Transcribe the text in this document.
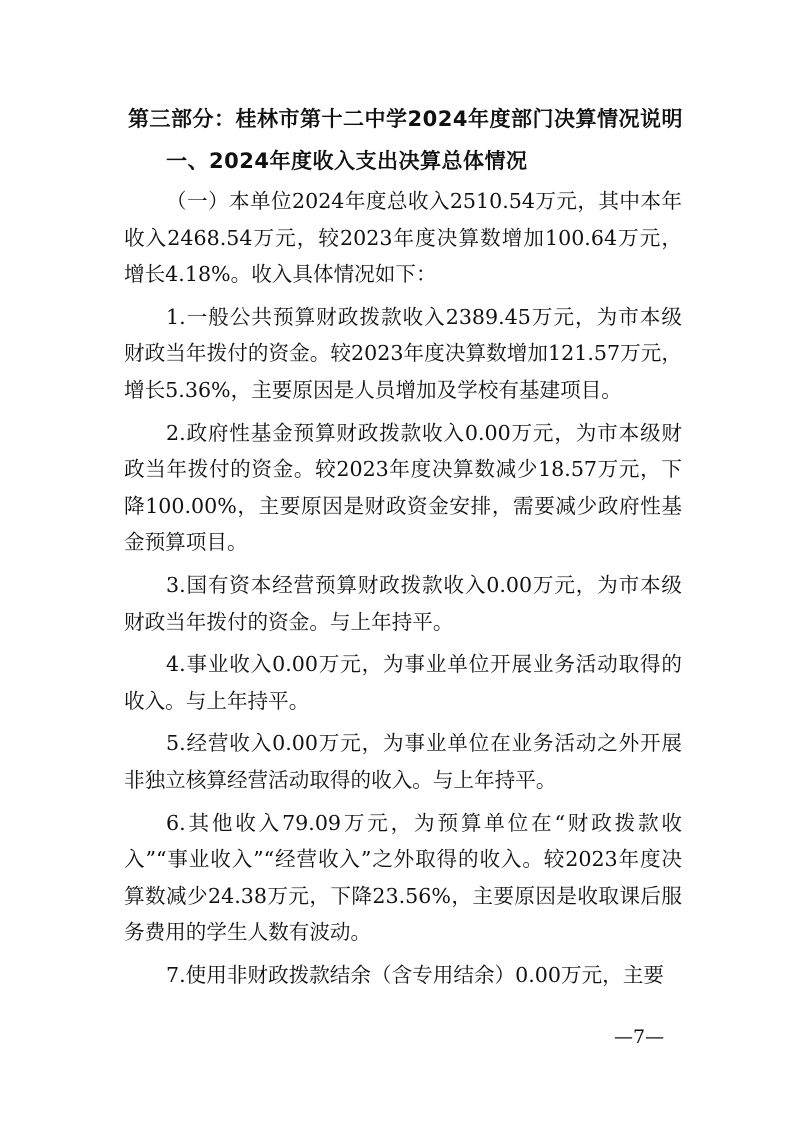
第三部分：桂林市第十二中学2024年度部门决算情况说明
一、2024年度收入支出决算总体情况

（一）本单位2024年度总收入2510.54万元，其中本年收入2468.54万元，较2023年度决算数增加100.64万元，增长4.18%。收入具体情况如下：

1.一般公共预算财政拨款收入2389.45万元，为市本级财政当年拨付的资金。较2023年度决算数增加121.57万元，增长5.36%，主要原因是人员增加及学校有基建项目。

2.政府性基金预算财政拨款收入0.00万元，为市本级财政当年拨付的资金。较2023年度决算数减少18.57万元，下降100.00%，主要原因是财政资金安排，需要减少政府性基金预算项目。

3.国有资本经营预算财政拨款收入0.00万元，为市本级财政当年拨付的资金。与上年持平。

4.事业收入0.00万元，为事业单位开展业务活动取得的收入。与上年持平。

5.经营收入0.00万元，为事业单位在业务活动之外开展非独立核算经营活动取得的收入。与上年持平。

6.其他收入79.09万元，为预算单位在“财政拨款收入”“事业收入”“经营收入”之外取得的收入。较2023年度决算数减少24.38万元，下降23.56%，主要原因是收取课后服务费用的学生人数有波动。

7.使用非财政拨款结余（含专用结余）0.00万元，主要

—7—
